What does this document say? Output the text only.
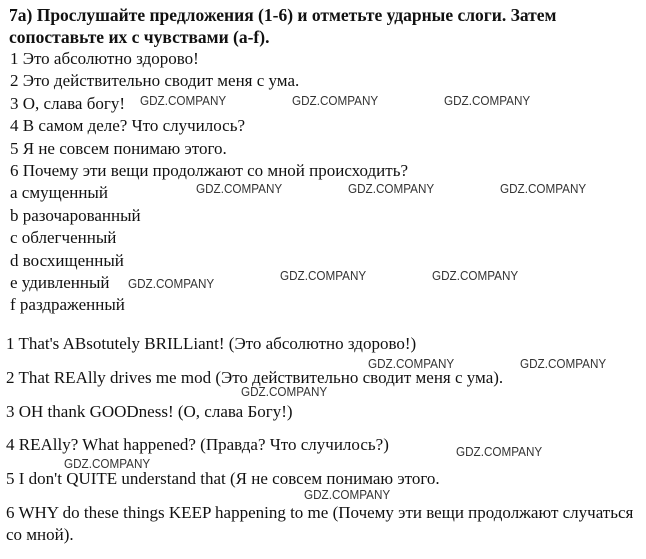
7a) Прослушайте предложения (1-6) и отметьте ударные слоги. Затем
сопоставьте их с чувствами (a-f).
1 Это абсолютно здорово!
2 Это действительно сводит меня с ума.
3 О, слава богу!
4 В самом деле? Что случилось?
5 Я не совсем понимаю этого.
6 Почему эти вещи продолжают со мной происходить?
a смущенный
b разочарованный
c облегченный
d восхищенный
e удивленный
f раздраженный
1 That's ABsotutely BRILLiant! (Это абсолютно здорово!)
2 That REAlly drives me mod (Это действительно сводит меня с ума).
3 OH thank GOODness! (О, слава Богу!)
4 REAlly? What happened? (Правда? Что случилось?)
5 I don't QUITE understand that (Я не совсем понимаю этого.
6 WHY do these things KEEP happening to me (Почему эти вещи продолжают случаться со мной).
GDZ.COMPANY	GDZ.COMPANY	GDZ.COMPANY
GDZ.COMPANY	GDZ.COMPANY	GDZ.COMPANY
GDZ.COMPANY
GDZ.COMPANY	GDZ.COMPANY
GDZ.COMPANY	GDZ.COMPANY
GDZ.COMPANY
GDZ.COMPANY
GDZ.COMPANY
GDZ.COMPANY
